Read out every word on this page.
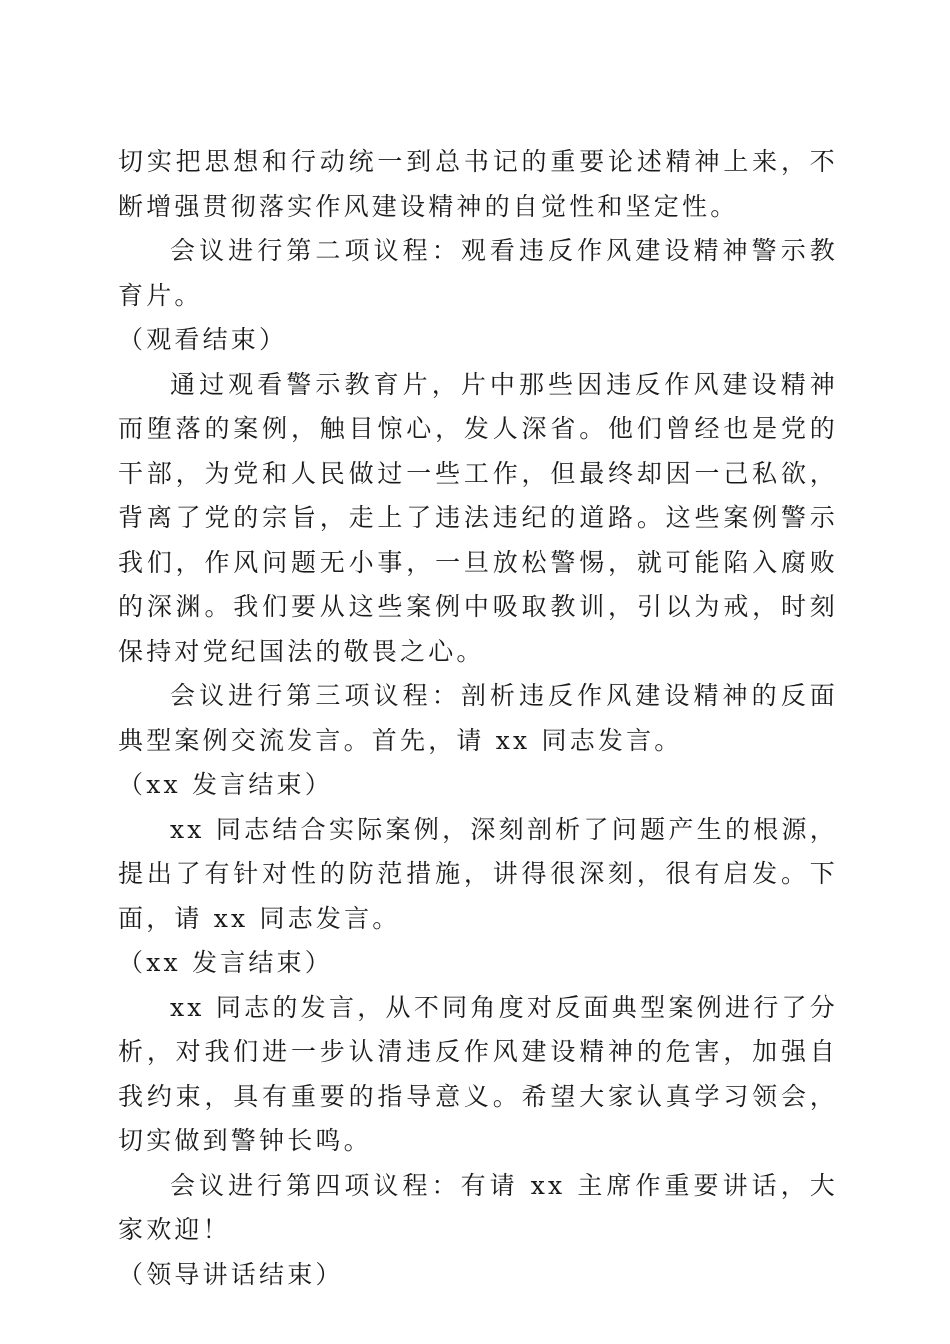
切实把思想和行动统一到总书记的重要论述精神上来，不断增强贯彻落实作风建设精神的自觉性和坚定性。

会议进行第二项议程：观看违反作风建设精神警示教育片。

（观看结束）

通过观看警示教育片，片中那些因违反作风建设精神而堕落的案例，触目惊心，发人深省。他们曾经也是党的干部，为党和人民做过一些工作，但最终却因一己私欲，背离了党的宗旨，走上了违法违纪的道路。这些案例警示我们，作风问题无小事，一旦放松警惕，就可能陷入腐败的深渊。我们要从这些案例中吸取教训，引以为戒，时刻保持对党纪国法的敬畏之心。

会议进行第三项议程：剖析违反作风建设精神的反面典型案例交流发言。首先，请 xx 同志发言。

（xx 发言结束）

xx 同志结合实际案例，深刻剖析了问题产生的根源，提出了有针对性的防范措施，讲得很深刻，很有启发。下面，请 xx 同志发言。

（xx 发言结束）

xx 同志的发言，从不同角度对反面典型案例进行了分析，对我们进一步认清违反作风建设精神的危害，加强自我约束，具有重要的指导意义。希望大家认真学习领会，切实做到警钟长鸣。

会议进行第四项议程：有请 xx 主席作重要讲话，大家欢迎！

（领导讲话结束）
